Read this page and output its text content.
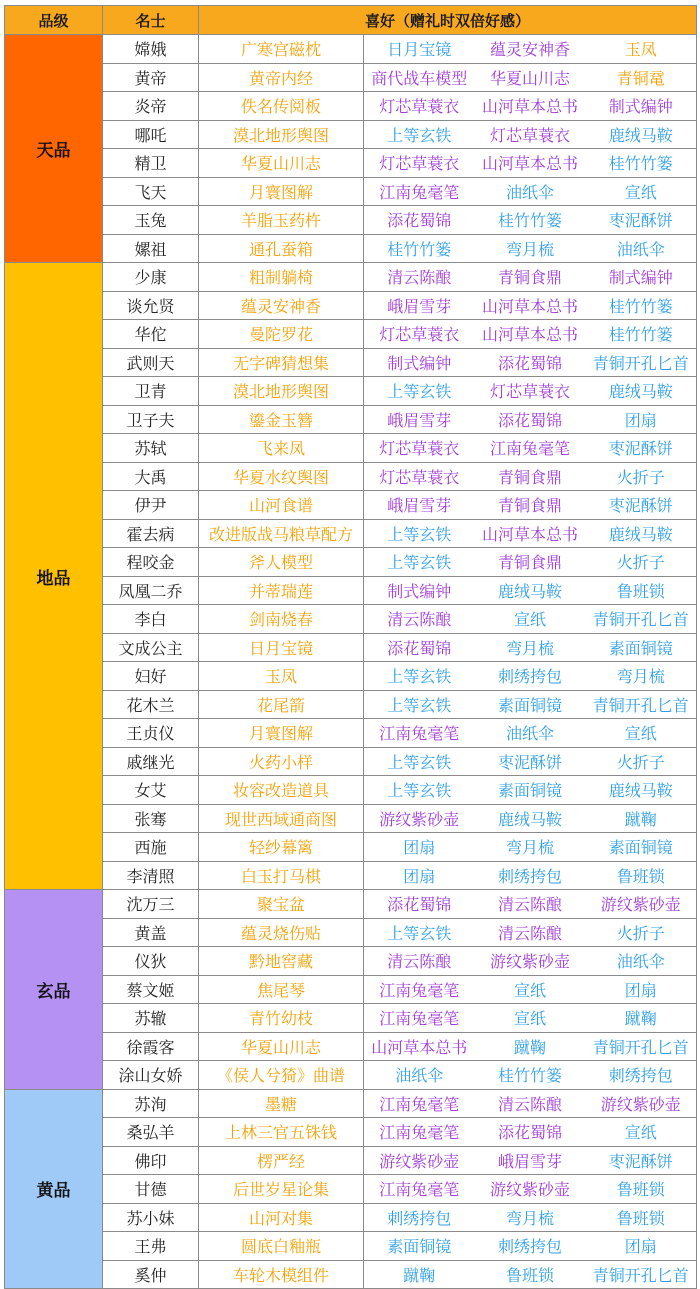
品级	名士	喜好（赠礼时双倍好感）			
天品	嫦娥	广寒宫磁枕	日月宝镜	蕴灵安神香	玉凤
	黄帝	黄帝内经	商代战车模型	华夏山川志	青铜鼋
	炎帝	佚名传阅板	灯芯草蓑衣	山河草本总书	制式编钟
	哪吒	漠北地形舆图	上等玄铁	灯芯草蓑衣	鹿绒马鞍
	精卫	华夏山川志	灯芯草蓑衣	山河草本总书	桂竹竹篓
	飞天	月寰图解	江南兔毫笔	油纸伞	宣纸
	玉兔	羊脂玉药杵	添花蜀锦	桂竹竹篓	枣泥酥饼
	嫘祖	通孔蚕箱	桂竹竹篓	弯月梳	油纸伞
地品	少康	粗制躺椅	清云陈酿	青铜食鼎	制式编钟
	谈允贤	蕴灵安神香	峨眉雪芽	山河草本总书	桂竹竹篓
	华佗	曼陀罗花	灯芯草蓑衣	山河草本总书	桂竹竹篓
	武则天	无字碑猜想集	制式编钟	添花蜀锦	青铜开孔匕首
	卫青	漠北地形舆图	上等玄铁	灯芯草蓑衣	鹿绒马鞍
	卫子夫	鎏金玉簪	峨眉雪芽	添花蜀锦	团扇
	苏轼	飞来凤	灯芯草蓑衣	江南兔毫笔	枣泥酥饼
	大禹	华夏水纹舆图	灯芯草蓑衣	青铜食鼎	火折子
	伊尹	山河食谱	峨眉雪芽	青铜食鼎	枣泥酥饼
	霍去病	改进版战马粮草配方	上等玄铁	山河草本总书	鹿绒马鞍
	程咬金	斧人模型	上等玄铁	青铜食鼎	火折子
	凤凰二乔	并蒂瑞莲	制式编钟	鹿绒马鞍	鲁班锁
	李白	剑南烧春	清云陈酿	宣纸	青铜开孔匕首
	文成公主	日月宝镜	添花蜀锦	弯月梳	素面铜镜
	妇好	玉凤	上等玄铁	刺绣挎包	弯月梳
	花木兰	花尾箭	上等玄铁	素面铜镜	青铜开孔匕首
	王贞仪	月寰图解	江南兔毫笔	油纸伞	宣纸
	戚继光	火药小样	上等玄铁	枣泥酥饼	火折子
	女艾	妆容改造道具	上等玄铁	素面铜镜	鹿绒马鞍
	张骞	现世西域通商图	游纹紫砂壶	鹿绒马鞍	蹴鞠
	西施	轻纱幕篱	团扇	弯月梳	素面铜镜
	李清照	白玉打马棋	团扇	刺绣挎包	鲁班锁
玄品	沈万三	聚宝盆	添花蜀锦	清云陈酿	游纹紫砂壶
	黄盖	蕴灵烧伤贴	上等玄铁	清云陈酿	火折子
	仪狄	黔地窖藏	清云陈酿	游纹紫砂壶	油纸伞
	蔡文姬	焦尾琴	江南兔毫笔	宣纸	团扇
	苏辙	青竹幼枝	江南兔毫笔	宣纸	蹴鞠
	徐霞客	华夏山川志	山河草本总书	蹴鞠	青铜开孔匕首
	涂山女娇	《侯人兮猗》曲谱	油纸伞	桂竹竹篓	刺绣挎包
黄品	苏洵	墨糖	江南兔毫笔	清云陈酿	游纹紫砂壶
	桑弘羊	上林三官五铢钱	江南兔毫笔	添花蜀锦	宣纸
	佛印	楞严经	游纹紫砂壶	峨眉雪芽	枣泥酥饼
	甘德	后世岁星论集	江南兔毫笔	游纹紫砂壶	鲁班锁
	苏小妹	山河对集	刺绣挎包	弯月梳	鲁班锁
	王弗	圆底白釉瓶	素面铜镜	刺绣挎包	团扇
	奚仲	车轮木模组件	蹴鞠	鲁班锁	青铜开孔匕首
